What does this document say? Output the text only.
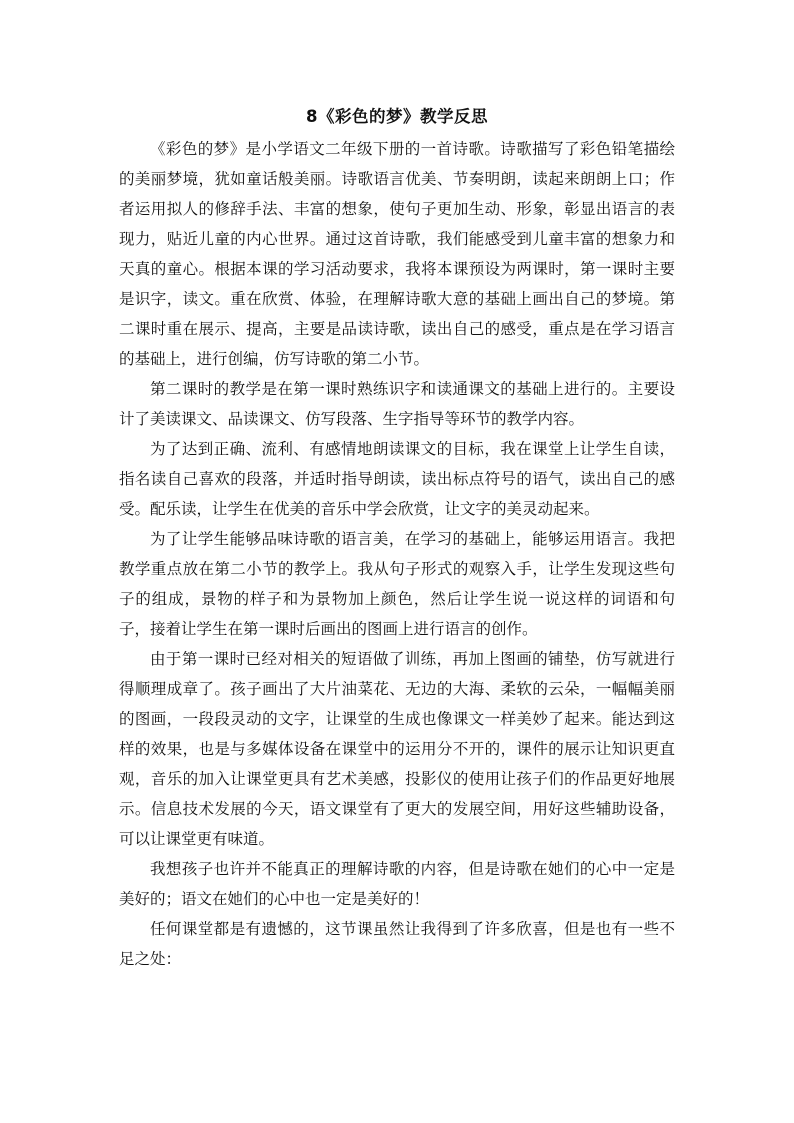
8《彩色的梦》教学反思

《彩色的梦》是小学语文二年级下册的一首诗歌。诗歌描写了彩色铅笔描绘的美丽梦境，犹如童话般美丽。诗歌语言优美、节奏明朗，读起来朗朗上口；作者运用拟人的修辞手法、丰富的想象，使句子更加生动、形象，彰显出语言的表现力，贴近儿童的内心世界。通过这首诗歌，我们能感受到儿童丰富的想象力和天真的童心。根据本课的学习活动要求，我将本课预设为两课时，第一课时主要是识字，读文。重在欣赏、体验，在理解诗歌大意的基础上画出自己的梦境。第二课时重在展示、提高，主要是品读诗歌，读出自己的感受，重点是在学习语言的基础上，进行创编，仿写诗歌的第二小节。

第二课时的教学是在第一课时熟练识字和读通课文的基础上进行的。主要设计了美读课文、品读课文、仿写段落、生字指导等环节的教学内容。

为了达到正确、流利、有感情地朗读课文的目标，我在课堂上让学生自读，指名读自己喜欢的段落，并适时指导朗读，读出标点符号的语气，读出自己的感受。配乐读，让学生在优美的音乐中学会欣赏，让文字的美灵动起来。

为了让学生能够品味诗歌的语言美，在学习的基础上，能够运用语言。我把教学重点放在第二小节的教学上。我从句子形式的观察入手，让学生发现这些句子的组成，景物的样子和为景物加上颜色，然后让学生说一说这样的词语和句子，接着让学生在第一课时后画出的图画上进行语言的创作。

由于第一课时已经对相关的短语做了训练，再加上图画的铺垫，仿写就进行得顺理成章了。孩子画出了大片油菜花、无边的大海、柔软的云朵，一幅幅美丽的图画，一段段灵动的文字，让课堂的生成也像课文一样美妙了起来。能达到这样的效果，也是与多媒体设备在课堂中的运用分不开的，课件的展示让知识更直观，音乐的加入让课堂更具有艺术美感，投影仪的使用让孩子们的作品更好地展示。信息技术发展的今天，语文课堂有了更大的发展空间，用好这些辅助设备，可以让课堂更有味道。

我想孩子也许并不能真正的理解诗歌的内容，但是诗歌在她们的心中一定是美好的；语文在她们的心中也一定是美好的！

任何课堂都是有遗憾的，这节课虽然让我得到了许多欣喜，但是也有一些不足之处：
